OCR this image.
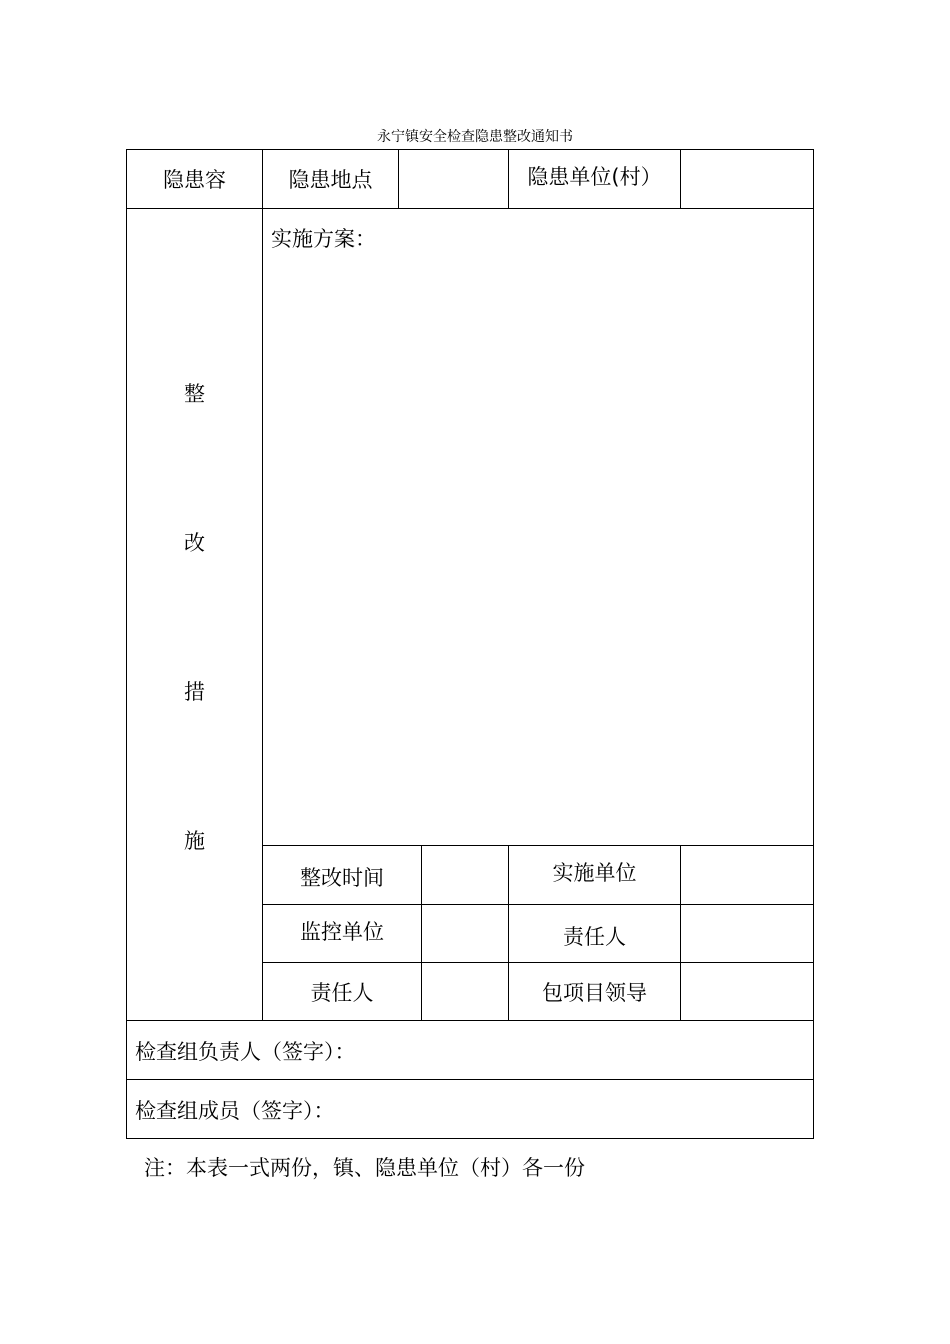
永宁镇安全检查隐患整改通知书
隐患容	隐患地点	隐患单位(村）
整
改
措
施
实施方案：
整改时间	实施单位
监控单位	责任人
责任人	包项目领导
检查组负责人（签字）：
检查组成员（签字）：
注：本表一式两份，镇、隐患单位（村）各一份
